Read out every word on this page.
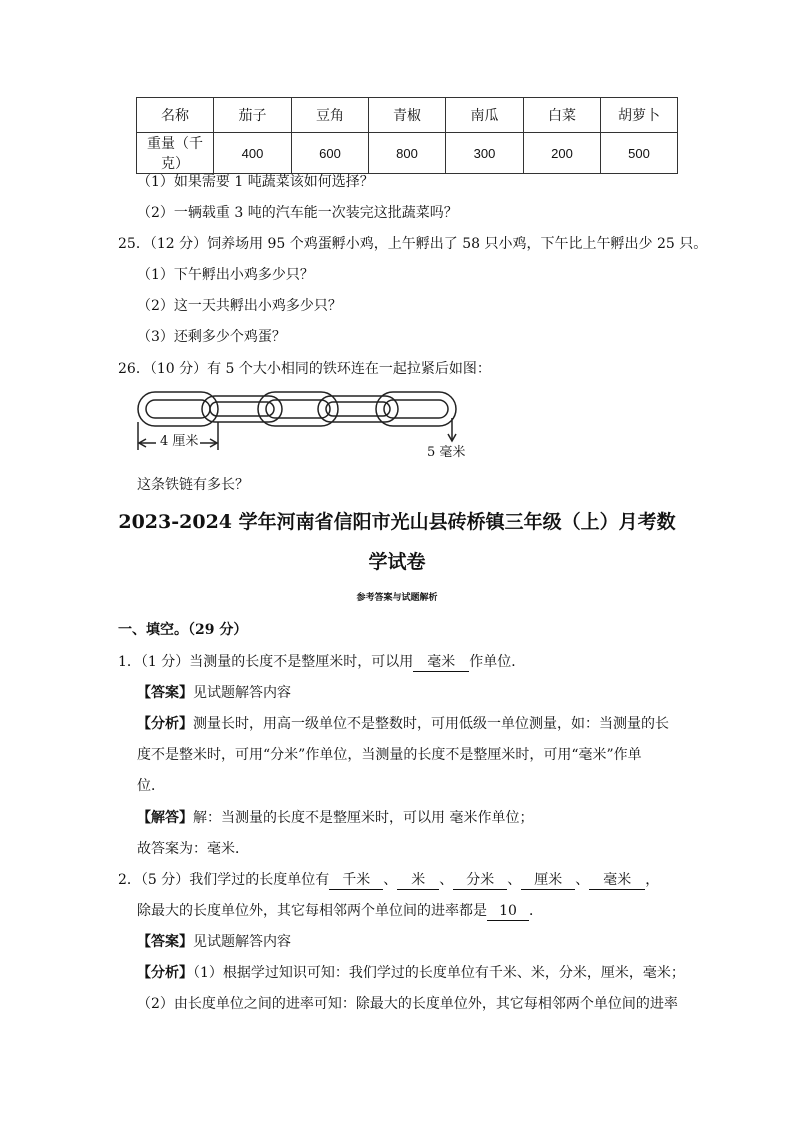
名称	茄子	豆角	青椒	南瓜	白菜	胡萝卜
重量（千克）	400	600	800	300	200	500
（1）如果需要 1 吨蔬菜该如何选择？
（2）一辆载重 3 吨的汽车能一次装完这批蔬菜吗？
25．（12 分）饲养场用 95 个鸡蛋孵小鸡，上午孵出了 58 只小鸡，下午比上午孵出少 25 只。
（1）下午孵出小鸡多少只？
（2）这一天共孵出小鸡多少只？
（3）还剩多少个鸡蛋？
26．（10 分）有 5 个大小相同的铁环连在一起拉紧后如图：
4 厘米
5 毫米
这条铁链有多长？
2023-2024 学年河南省信阳市光山县砖桥镇三年级（上）月考数
学试卷
参考答案与试题解析
一、填空。（29 分）
1．（1 分）当测量的长度不是整厘米时，可以用 毫米 作单位．
【答案】见试题解答内容
【分析】测量长时，用高一级单位不是整数时，可用低级一单位测量，如：当测量的长
度不是整米时，可用“分米”作单位，当测量的长度不是整厘米时，可用“毫米”作单
位．
【解答】解：当测量的长度不是整厘米时，可以用 毫米作单位；
故答案为：毫米．
2．（5 分）我们学过的长度单位有 千米 、 米 、 分米 、 厘米 、 毫米 ，
除最大的长度单位外，其它每相邻两个单位间的进率都是 10 ．
【答案】见试题解答内容
【分析】（1）根据学过知识可知：我们学过的长度单位有千米、米，分米，厘米，毫米；
（2）由长度单位之间的进率可知：除最大的长度单位外，其它每相邻两个单位间的进率
